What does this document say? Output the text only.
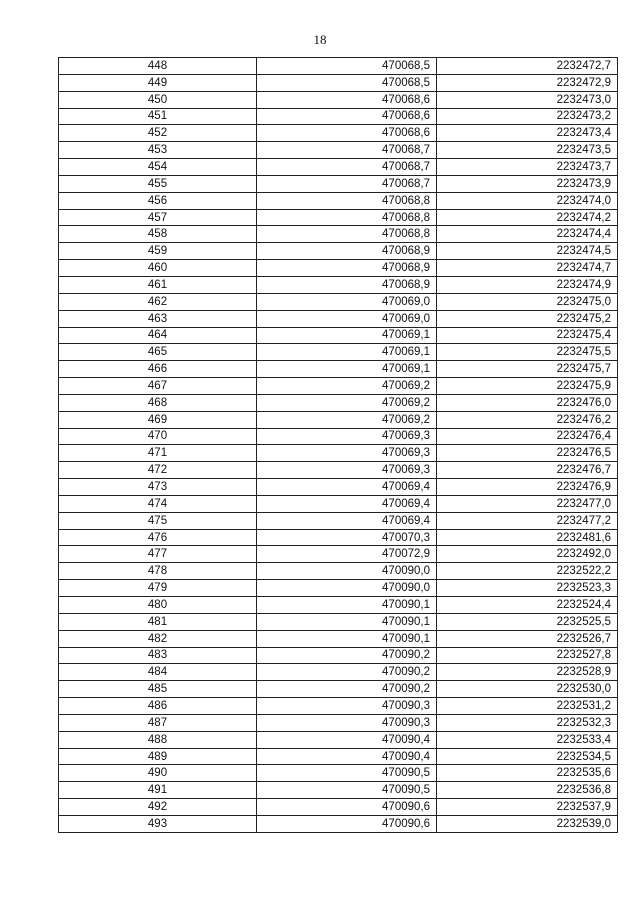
18
448	470068,5	2232472,7
449	470068,5	2232472,9
450	470068,6	2232473,0
451	470068,6	2232473,2
452	470068,6	2232473,4
453	470068,7	2232473,5
454	470068,7	2232473,7
455	470068,7	2232473,9
456	470068,8	2232474,0
457	470068,8	2232474,2
458	470068,8	2232474,4
459	470068,9	2232474,5
460	470068,9	2232474,7
461	470068,9	2232474,9
462	470069,0	2232475,0
463	470069,0	2232475,2
464	470069,1	2232475,4
465	470069,1	2232475,5
466	470069,1	2232475,7
467	470069,2	2232475,9
468	470069,2	2232476,0
469	470069,2	2232476,2
470	470069,3	2232476,4
471	470069,3	2232476,5
472	470069,3	2232476,7
473	470069,4	2232476,9
474	470069,4	2232477,0
475	470069,4	2232477,2
476	470070,3	2232481,6
477	470072,9	2232492,0
478	470090,0	2232522,2
479	470090,0	2232523,3
480	470090,1	2232524,4
481	470090,1	2232525,5
482	470090,1	2232526,7
483	470090,2	2232527,8
484	470090,2	2232528,9
485	470090,2	2232530,0
486	470090,3	2232531,2
487	470090,3	2232532,3
488	470090,4	2232533,4
489	470090,4	2232534,5
490	470090,5	2232535,6
491	470090,5	2232536,8
492	470090,6	2232537,9
493	470090,6	2232539,0
